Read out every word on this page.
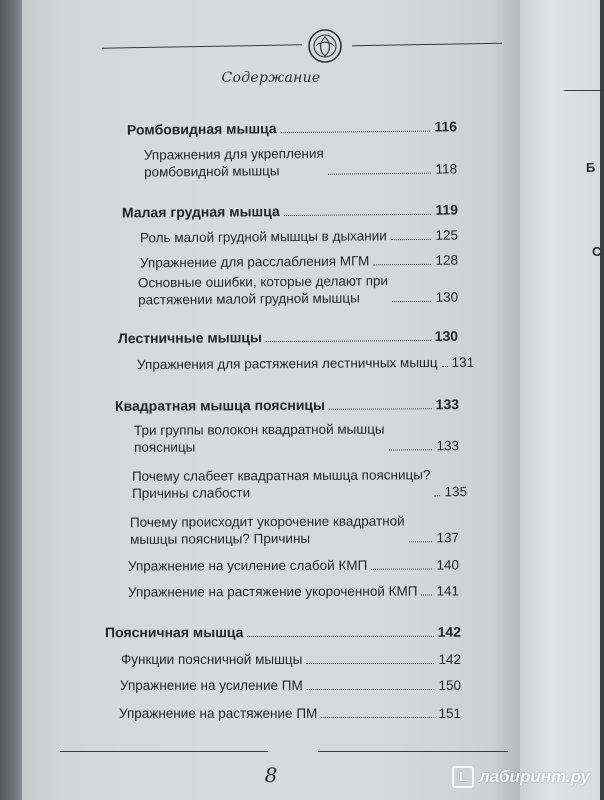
Содержание
Ромбовидная мышца	116
Упражнения для укрепления
ромбовидной мышцы	118
Малая грудная мышца	119
Роль малой грудной мышцы в дыхании	125
Упражнение для расслабления МГМ	128
Основные ошибки, которые делают при
растяжении малой грудной мышцы	130
Лестничные мышцы	130
Упражнения для растяжения лестничных мышц 131
Квадратная мышца поясницы	133
Три группы волокон квадратной мышцы
поясницы	133
Почему слабеет квадратная мышца поясницы?
Причины слабости	135
Почему происходит укорочение квадратной
мышцы поясницы? Причины	137
Упражнение на усиление слабой КМП	140
Упражнение на растяжение укороченной КМП 141
Поясничная мышца	142
Функции поясничной мышцы	142
Упражнение на усиление ПМ	150
Упражнение на растяжение ПМ	151
8
Б
С
L лабиринт.ру
